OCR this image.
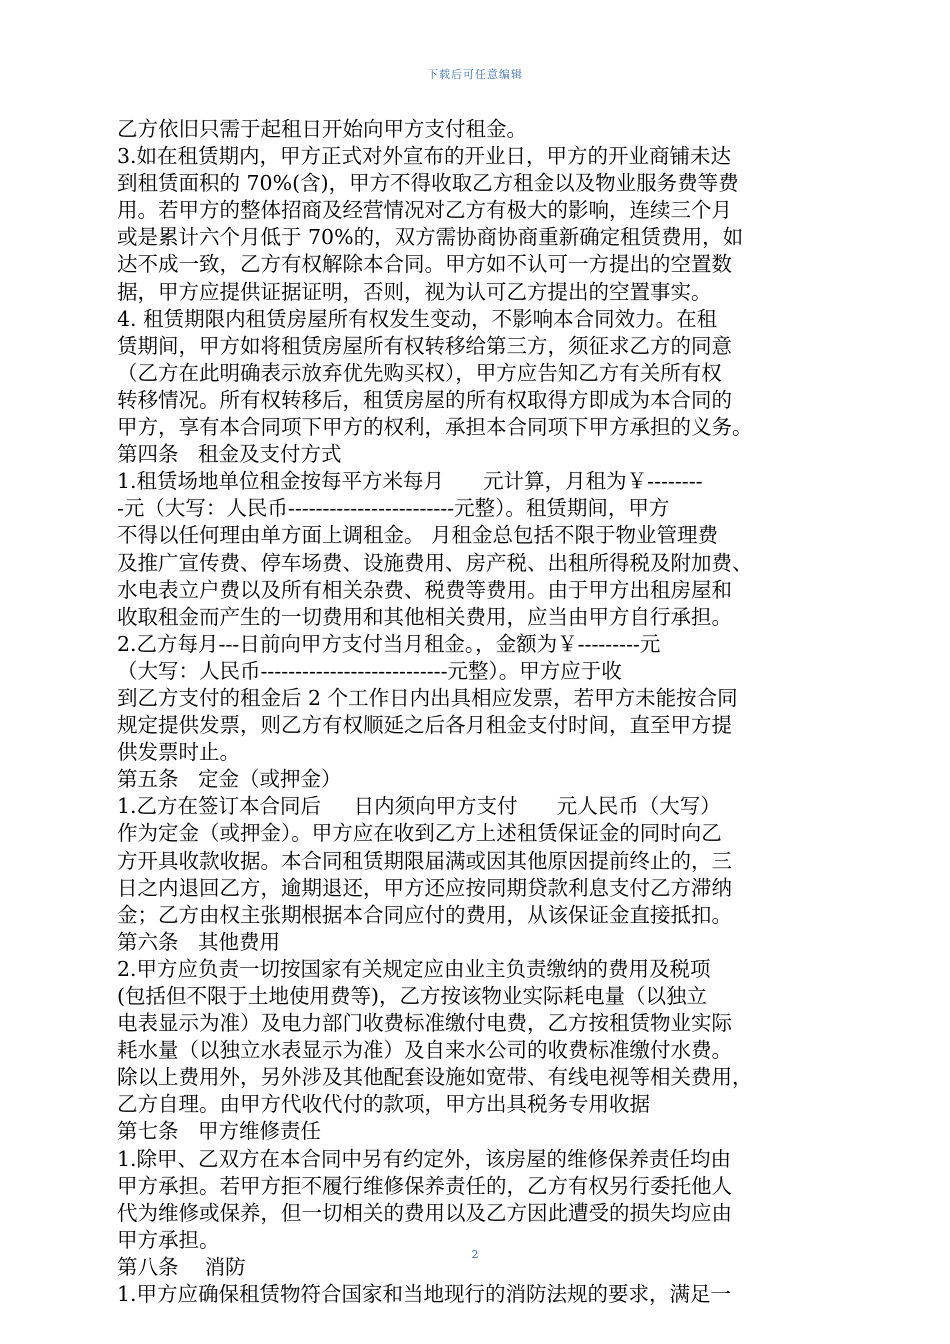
下载后可任意编辑
乙方依旧只需于起租日开始向甲方支付租金。
3.如在租赁期内，甲方正式对外宣布的开业日，甲方的开业商铺未达
到租赁面积的 70%(含)，甲方不得收取乙方租金以及物业服务费等费
用。若甲方的整体招商及经营情况对乙方有极大的影响，连续三个月
或是累计六个月低于 70%的，双方需协商协商重新确定租赁费用，如
达不成一致，乙方有权解除本合同。甲方如不认可一方提出的空置数
据，甲方应提供证据证明，否则，视为认可乙方提出的空置事实。
4. 租赁期限内租赁房屋所有权发生变动，不影响本合同效力。在租
赁期间，甲方如将租赁房屋所有权转移给第三方，须征求乙方的同意
（乙方在此明确表示放弃优先购买权），甲方应告知乙方有关所有权
转移情况。所有权转移后，租赁房屋的所有权取得方即成为本合同的
甲方，享有本合同项下甲方的权利，承担本合同项下甲方承担的义务。
第四条   租金及支付方式
1.租赁场地单位租金按每平方米每月      元计算，月租为￥--------
-元（大写：人民币------------------------元整）。租赁期间，甲方
不得以任何理由单方面上调租金。 月租金总包括不限于物业管理费
及推广宣传费、停车场费、设施费用、房产税、出租所得税及附加费、
水电表立户费以及所有相关杂费、税费等费用。由于甲方出租房屋和
收取租金而产生的一切费用和其他相关费用，应当由甲方自行承担。
2.乙方每月---日前向甲方支付当月租金。，金额为￥---------元
（大写：人民币---------------------------元整）。甲方应于收
到乙方支付的租金后 2 个工作日内出具相应发票，若甲方未能按合同
规定提供发票，则乙方有权顺延之后各月租金支付时间，直至甲方提
供发票时止。
第五条   定金（或押金）
1.乙方在签订本合同后     日内须向甲方支付      元人民币（大写）
作为定金（或押金）。甲方应在收到乙方上述租赁保证金的同时向乙
方开具收款收据。本合同租赁期限届满或因其他原因提前终止的，三
日之内退回乙方，逾期退还，甲方还应按同期贷款利息支付乙方滞纳
金；乙方由权主张期根据本合同应付的费用，从该保证金直接抵扣。
第六条   其他费用
2.甲方应负责一切按国家有关规定应由业主负责缴纳的费用及税项
(包括但不限于土地使用费等)，乙方按该物业实际耗电量（以独立
电表显示为准）及电力部门收费标准缴付电费，乙方按租赁物业实际
耗水量（以独立水表显示为准）及自来水公司的收费标准缴付水费。
除以上费用外，另外涉及其他配套设施如宽带、有线电视等相关费用，
乙方自理。由甲方代收代付的款项，甲方出具税务专用收据
第七条   甲方维修责任
1.除甲、乙双方在本合同中另有约定外，该房屋的维修保养责任均由
甲方承担。若甲方拒不履行维修保养责任的，乙方有权另行委托他人
代为维修或保养，但一切相关的费用以及乙方因此遭受的损失均应由
甲方承担。
第八条    消防
1.甲方应确保租赁物符合国家和当地现行的消防法规的要求，满足一
2
